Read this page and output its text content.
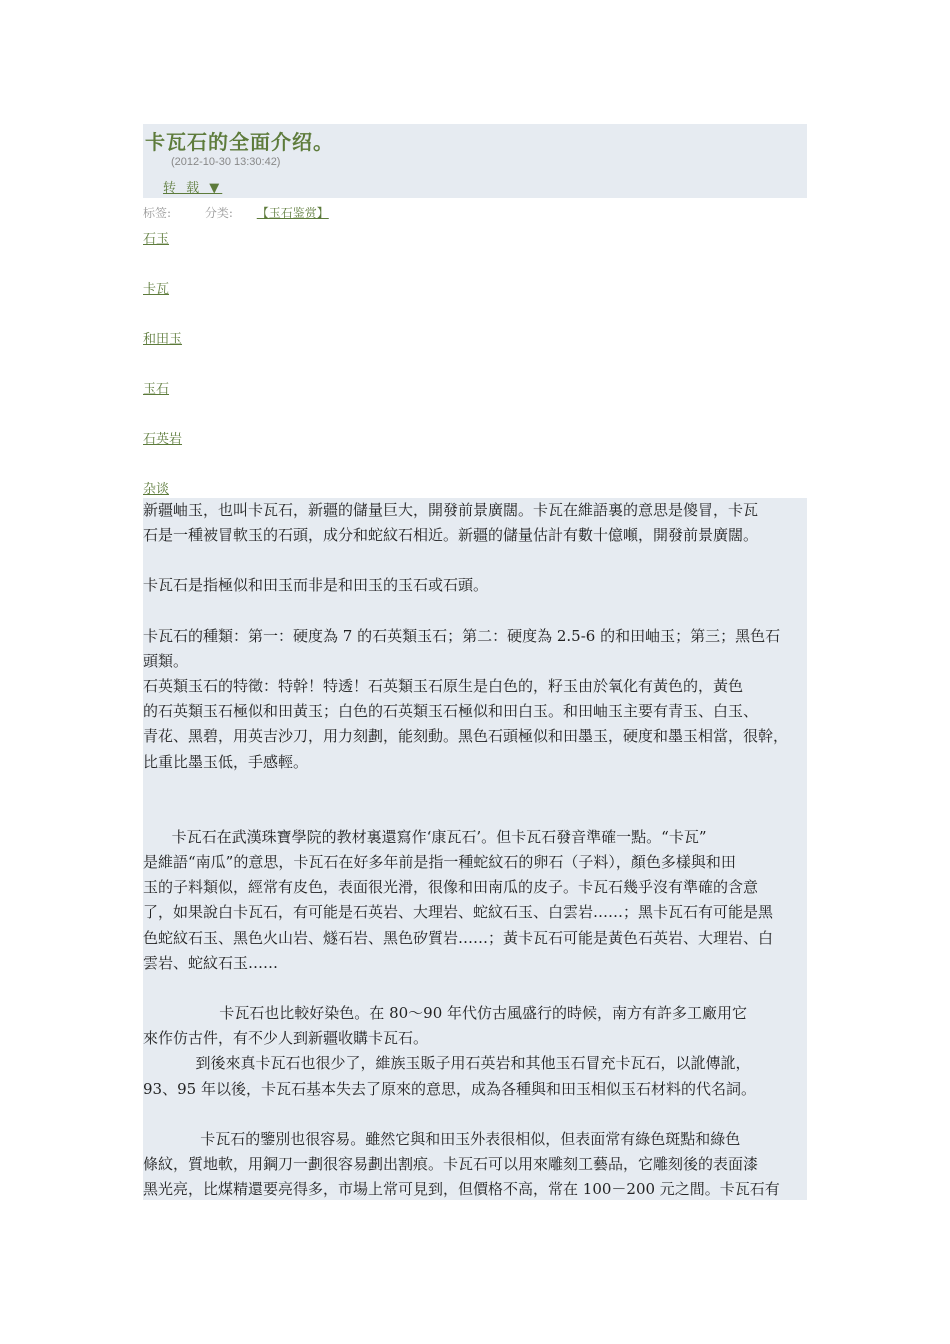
卡瓦石的全面介绍。
(2012-10-30 13:30:42)
转 载 ▼
标签:	分类: 【玉石鉴赏】
石玉
卡瓦
和田玉
玉石
石英岩
杂谈

新疆岫玉，也叫卡瓦石，新疆的儲量巨大，開發前景廣闊。卡瓦在維語裏的意思是傻冒，卡瓦
石是一種被冒軟玉的石頭，成分和蛇紋石相近。新疆的儲量估計有數十億噸，開發前景廣闊。

卡瓦石是指極似和田玉而非是和田玉的玉石或石頭。

卡瓦石的種類：第一：硬度為 7 的石英類玉石；第二：硬度為 2.5-6 的和田岫玉；第三；黑色石
頭類。
石英類玉石的特徵：特幹！特透！石英類玉石原生是白色的，籽玉由於氧化有黃色的，黃色
的石英類玉石極似和田黃玉；白色的石英類玉石極似和田白玉。和田岫玉主要有青玉、白玉、
青花、黑碧，用英吉沙刀，用力刻劃，能刻動。黑色石頭極似和田墨玉，硬度和墨玉相當，很幹，
比重比墨玉低，手感輕。

卡瓦石在武漢珠寶學院的教材裏還寫作‘康瓦石’。但卡瓦石發音準確一點。“卡瓦”
是維語“南瓜”的意思，卡瓦石在好多年前是指一種蛇紋石的卵石（子料），顏色多樣與和田
玉的子料類似，經常有皮色，表面很光滑，很像和田南瓜的皮子。卡瓦石幾乎沒有準確的含意
了，如果說白卡瓦石，有可能是石英岩、大理岩、蛇紋石玉、白雲岩……；黑卡瓦石有可能是黑
色蛇紋石玉、黑色火山岩、燧石岩、黑色矽質岩……；黃卡瓦石可能是黃色石英岩、大理岩、白
雲岩、蛇紋石玉……

卡瓦石也比較好染色。在 80～90 年代仿古風盛行的時候，南方有許多工廠用它
來作仿古件，有不少人到新疆收購卡瓦石。
到後來真卡瓦石也很少了，維族玉販子用石英岩和其他玉石冒充卡瓦石，以訛傳訛，
93、95 年以後，卡瓦石基本失去了原來的意思，成為各種與和田玉相似玉石材料的代名詞。

卡瓦石的鑒別也很容易。雖然它與和田玉外表很相似，但表面常有綠色斑點和綠色
條紋，質地軟，用鋼刀一劃很容易劃出割痕。卡瓦石可以用來雕刻工藝品，它雕刻後的表面漆
黑光亮，比煤精還要亮得多，市場上常可見到，但價格不高，常在 100－200 元之間。卡瓦石有
